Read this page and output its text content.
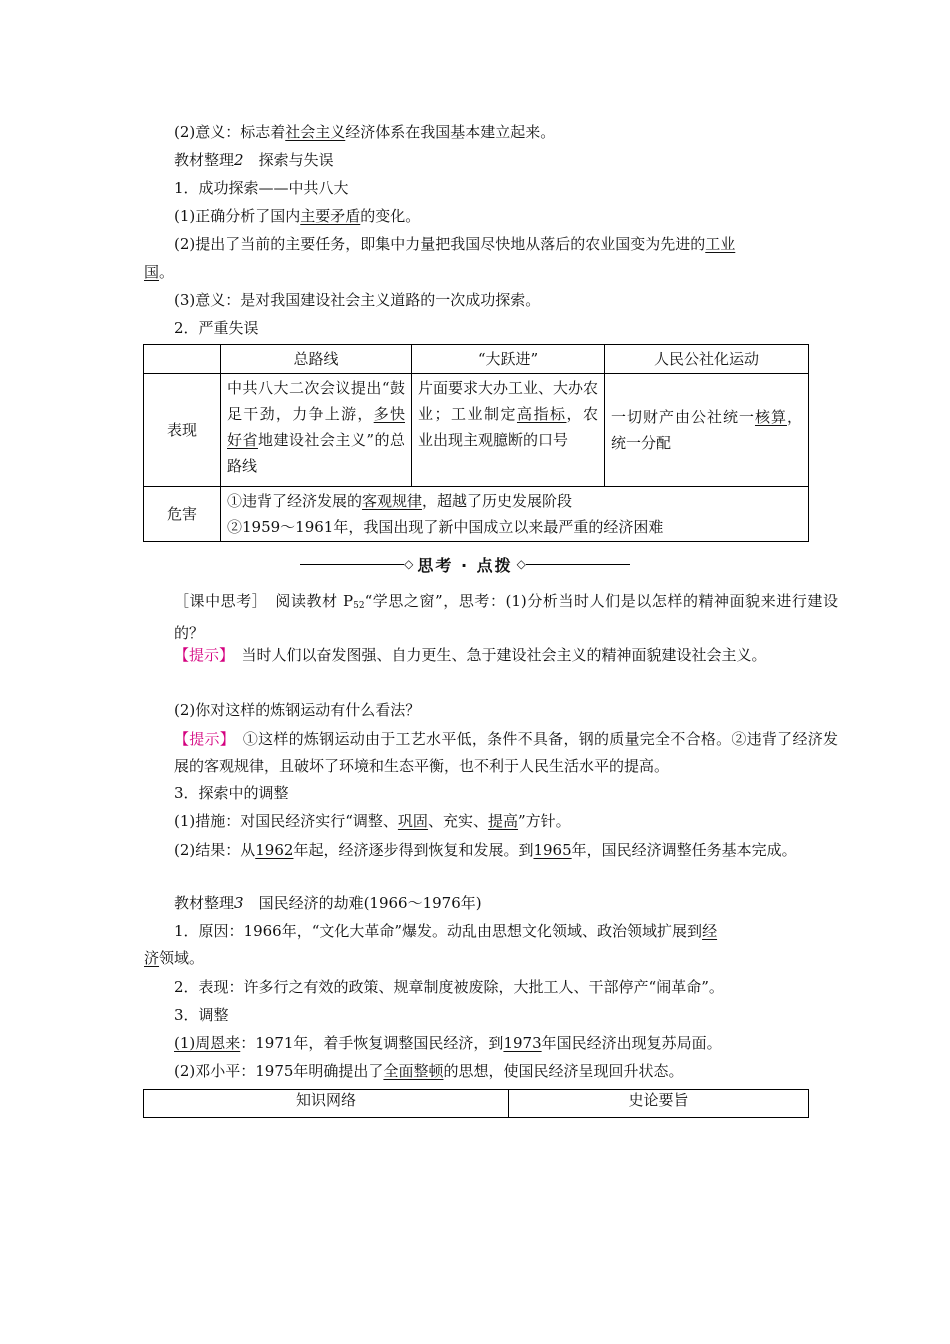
(2)意义：标志着社会主义经济体系在我国基本建立起来。
教材整理2　探索与失误
1．成功探索——中共八大
(1)正确分析了国内主要矛盾的变化。
(2)提出了当前的主要任务，即集中力量把我国尽快地从落后的农业国变为先进的工业
国。
(3)意义：是对我国建设社会主义道路的一次成功探索。
2．严重失误
	总路线	“大跃进”	人民公社化运动
表现	中共八大二次会议提出“鼓足干劲，力争上游，多快好省地建设社会主义”的总路线	片面要求大办工业、大办农业；工业制定高指标，农业出现主观臆断的口号	一切财产由公社统一核算，统一分配
危害	①违背了经济发展的客观规律，超越了历史发展阶段
②1959～1961年，我国出现了新中国成立以来最严重的经济困难		
◇ 思考 · 点拨 ◇
［课中思考］　阅读教材 $P_{52}“$学思之窗”，思考：(1)分析当时人们是以怎样的精神面貌来进行建设的？
【提示】　当时人们以奋发图强、自力更生、急于建设社会主义的精神面貌建设社会主义。
(2)你对这样的炼钢运动有什么看法？
【提示】　①这样的炼钢运动由于工艺水平低，条件不具备，钢的质量完全不合格。②违背了经济发展的客观规律，且破坏了环境和生态平衡，也不利于人民生活水平的提高。
3．探索中的调整
(1)措施：对国民经济实行“调整、巩固、充实、提高”方针。
(2)结果：从1962年起，经济逐步得到恢复和发展。到1965年，国民经济调整任务基本完成。
教材整理3　国民经济的劫难(1966～1976年)
1．原因：1966年，“文化大革命”爆发。动乱由思想文化领域、政治领域扩展到经
济领域。
2．表现：许多行之有效的政策、规章制度被废除，大批工人、干部停产“闹革命”。
3．调整
(1)周恩来：1971年，着手恢复调整国民经济，到1973年国民经济出现复苏局面。
(2)邓小平：1975年明确提出了全面整顿的思想，使国民经济呈现回升状态。
知识网络	史论要旨
